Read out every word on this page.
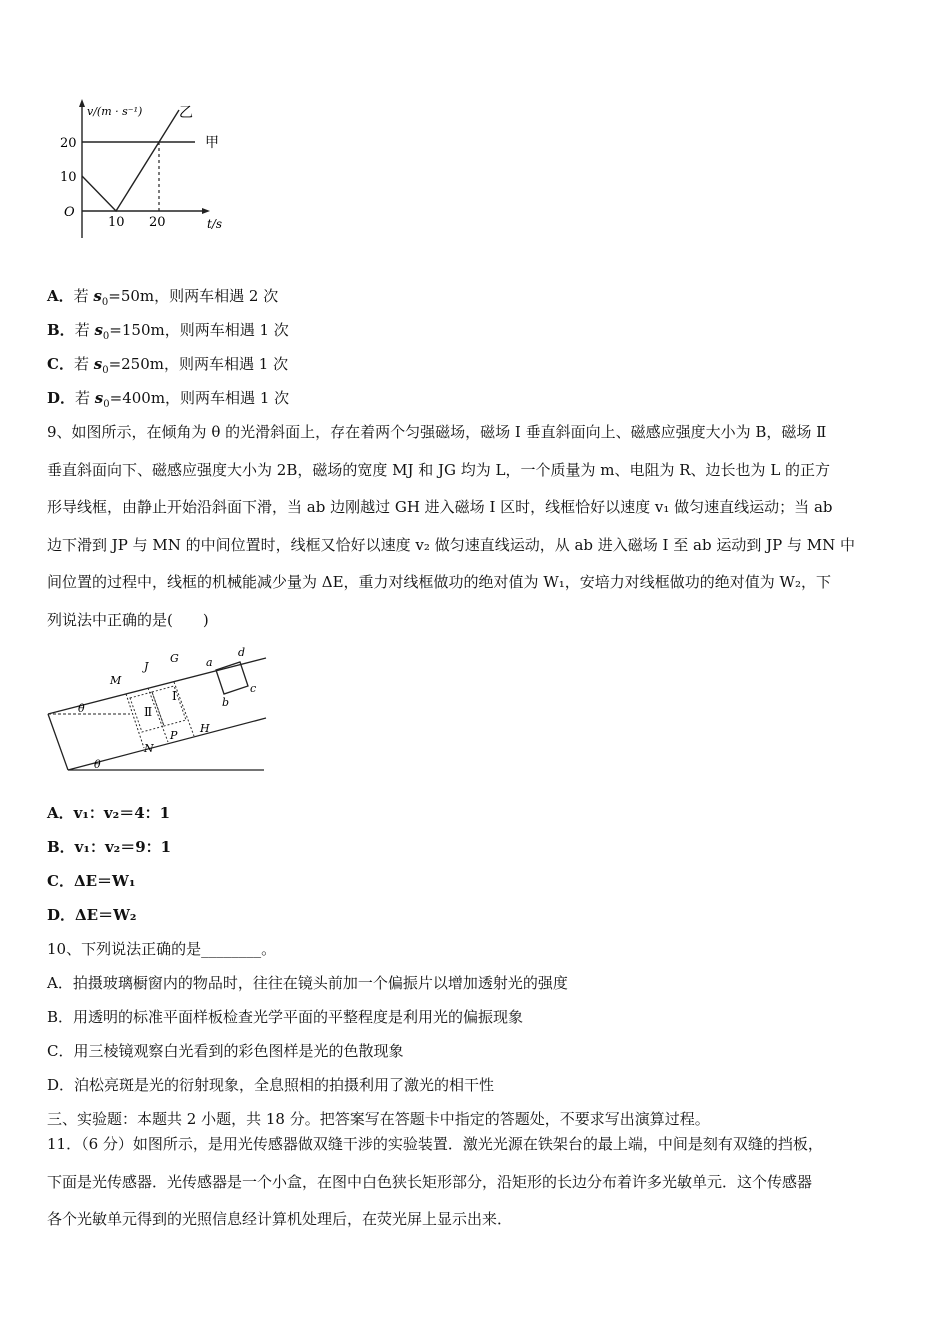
v/(m · s⁻¹)
t/s
20
10
O
10 20
甲
乙
A．若 $s_0=50m$，则两车相遇 2 次
B．若 $s_0=150m$，则两车相遇 1 次
C．若 $s_0=250m$，则两车相遇 1 次
D．若 $s_0=400m$，则两车相遇 1 次
9、如图所示，在倾角为 θ 的光滑斜面上，存在着两个匀强磁场，磁场 Ⅰ 垂直斜面向上、磁感应强度大小为 B，磁场 Ⅱ
垂直斜面向下、磁感应强度大小为 2B，磁场的宽度 MJ 和 JG 均为 L，一个质量为 m、电阻为 R、边长也为 L 的正方
形导线框，由静止开始沿斜面下滑，当 ab 边刚越过 GH 进入磁场 Ⅰ 区时，线框恰好以速度 v₁ 做匀速直线运动；当 ab
边下滑到 JP 与 MN 的中间位置时，线框又恰好以速度 v₂ 做匀速直线运动，从 ab 进入磁场 Ⅰ 至 ab 运动到 JP 与 MN 中
间位置的过程中，线框的机械能减少量为 ΔE，重力对线框做功的绝对值为 W₁，安培力对线框做功的绝对值为 W₂，下
列说法中正确的是(　　)
θ
θ
M
J
G
N
P
H
Ⅱ
Ⅰ
a
d
b
c
A．v₁：v₂＝4：1
B．v₁：v₂＝9：1
C．ΔE＝W₁
D．ΔE＝W₂
10、下列说法正确的是________。
A．拍摄玻璃橱窗内的物品时，往往在镜头前加一个偏振片以增加透射光的强度
B．用透明的标准平面样板检查光学平面的平整程度是利用光的偏振现象
C．用三棱镜观察白光看到的彩色图样是光的色散现象
D．泊松亮斑是光的衍射现象，全息照相的拍摄利用了激光的相干性
三、实验题：本题共 2 小题，共 18 分。把答案写在答题卡中指定的答题处，不要求写出演算过程。
11．（6 分）如图所示，是用光传感器做双缝干涉的实验装置．激光光源在铁架台的最上端，中间是刻有双缝的挡板，
下面是光传感器．光传感器是一个小盒，在图中白色狭长矩形部分，沿矩形的长边分布着许多光敏单元．这个传感器
各个光敏单元得到的光照信息经计算机处理后，在荧光屏上显示出来．
